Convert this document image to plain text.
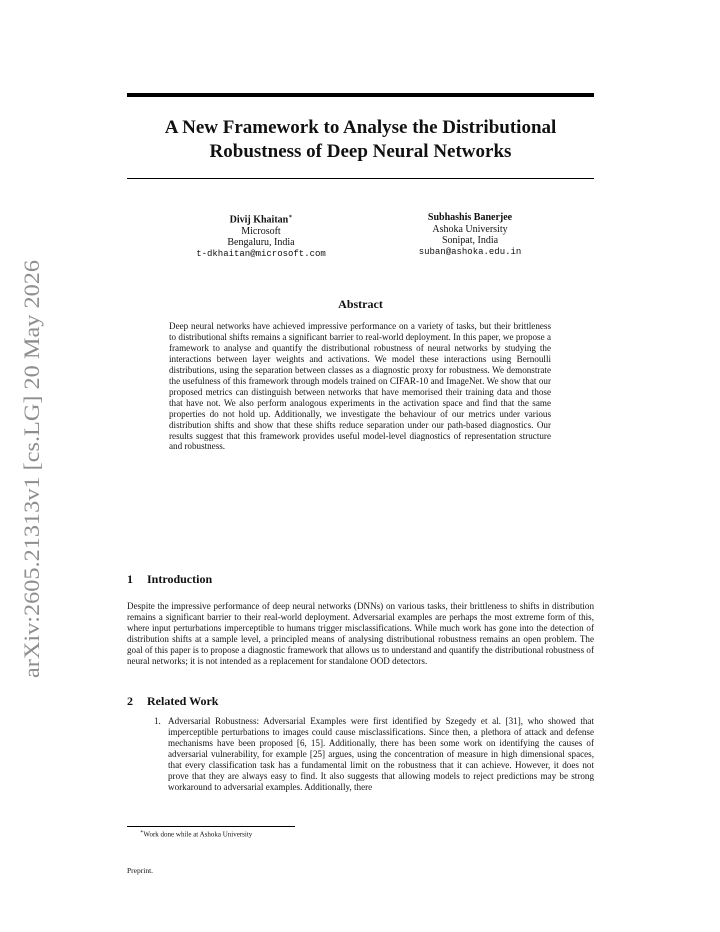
arXiv:2605.21313v1 [cs.LG] 20 May 2026
A New Framework to Analyse the Distributional
Robustness of Deep Neural Networks
Divij Khaitan∗
Microsoft
Bengaluru, India
t-dkhaitan@microsoft.com
Subhashis Banerjee
Ashoka University
Sonipat, India
suban@ashoka.edu.in
Abstract
Deep neural networks have achieved impressive performance on a variety of tasks, but their brittleness to distributional shifts remains a significant barrier to real-world deployment. In this paper, we propose a framework to analyse and quantify the distributional robustness of neural networks by studying the interactions between layer weights and activations. We model these interactions using Bernoulli distributions, using the separation between classes as a diagnostic proxy for robustness. We demonstrate the usefulness of this framework through models trained on CIFAR-10 and ImageNet. We show that our proposed metrics can distinguish between networks that have memorised their training data and those that have not. We also perform analogous experiments in the activation space and find that the same properties do not hold up. Additionally, we investigate the behaviour of our metrics under various distribution shifts and show that these shifts reduce separation under our path-based diagnostics. Our results suggest that this framework provides useful model-level diagnostics of representation structure and robustness.
1 Introduction
Despite the impressive performance of deep neural networks (DNNs) on various tasks, their brittleness to shifts in distribution remains a significant barrier to their real-world deployment. Adversarial examples are perhaps the most extreme form of this, where input perturbations imperceptible to humans trigger misclassifications. While much work has gone into the detection of distribution shifts at a sample level, a principled means of analysing distributional robustness remains an open problem. The goal of this paper is to propose a diagnostic framework that allows us to understand and quantify the distributional robustness of neural networks; it is not intended as a replacement for standalone OOD detectors.
2 Related Work
1. Adversarial Robustness: Adversarial Examples were first identified by Szegedy et al. [31], who showed that imperceptible perturbations to images could cause misclassifications. Since then, a plethora of attack and defense mechanisms have been proposed [6, 15]. Additionally, there has been some work on identifying the causes of adversarial vulnerability, for example [25] argues, using the concentration of measure in high dimensional spaces, that every classification task has a fundamental limit on the robustness that it can achieve. However, it does not prove that they are always easy to find. It also suggests that allowing models to reject predictions may be strong workaround to adversarial examples. Additionally, there
∗Work done while at Ashoka University
Preprint.
